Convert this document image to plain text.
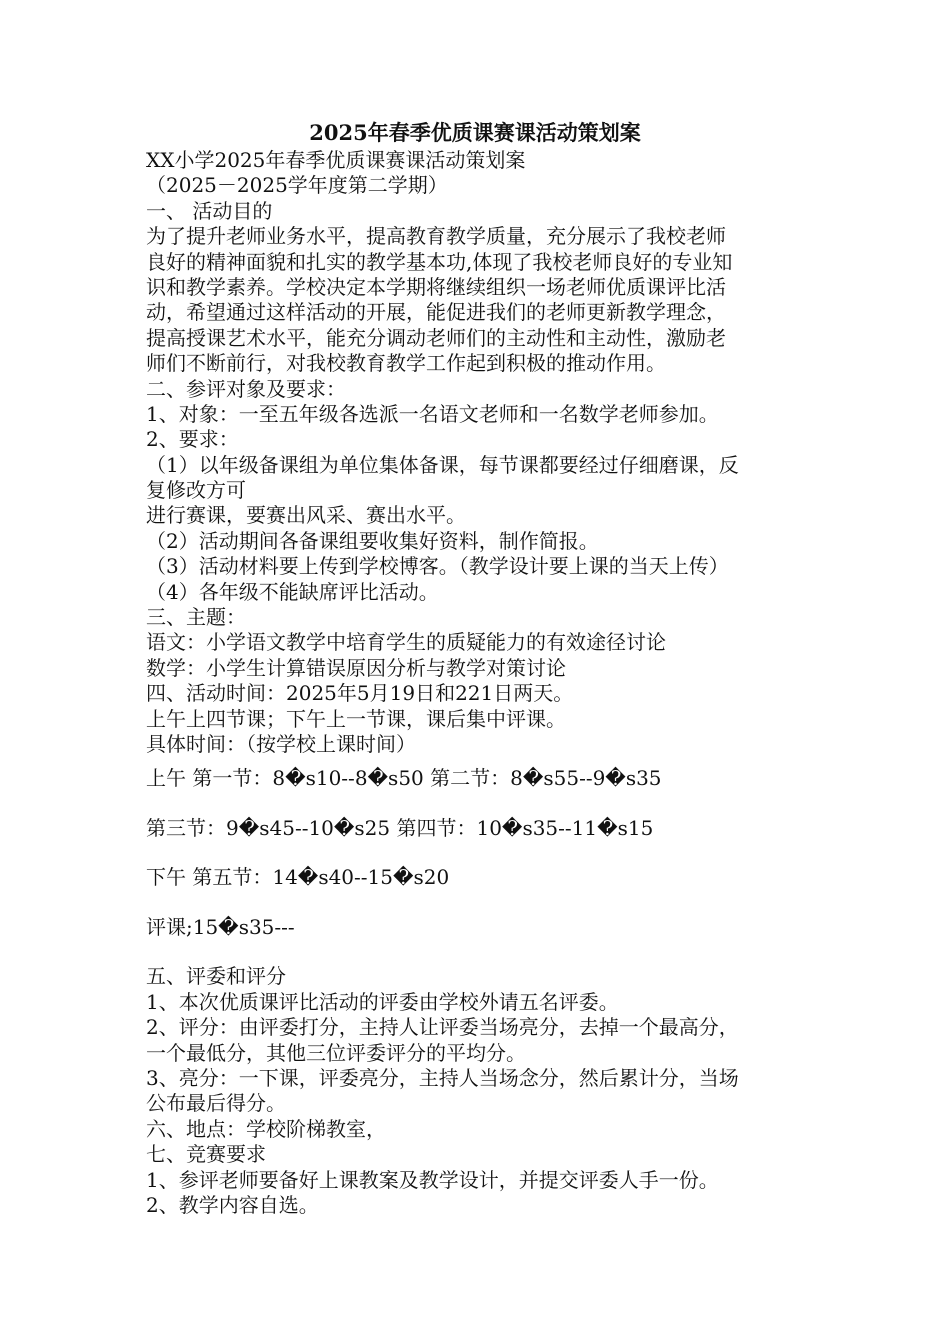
2025年春季优质课赛课活动策划案
XX小学2025年春季优质课赛课活动策划案
（2025－2025学年度第二学期）
一、 活动目的
为了提升老师业务水平，提高教育教学质量，充分展示了我校老师
良好的精神面貌和扎实的教学基本功,体现了我校老师良好的专业知
识和教学素养。学校决定本学期将继续组织一场老师优质课评比活
动，希望通过这样活动的开展，能促进我们的老师更新教学理念，
提高授课艺术水平，能充分调动老师们的主动性和主动性，激励老
师们不断前行，对我校教育教学工作起到积极的推动作用。
二、参评对象及要求：
1、对象：一至五年级各选派一名语文老师和一名数学老师参加。
2、要求：
（1）以年级备课组为单位集体备课，每节课都要经过仔细磨课，反
复修改方可
进行赛课，要赛出风采、赛出水平。
（2）活动期间各备课组要收集好资料，制作简报。
（3）活动材料要上传到学校博客。（教学设计要上课的当天上传）
（4）各年级不能缺席评比活动。
三、主题：
语文：小学语文教学中培育学生的质疑能力的有效途径讨论
数学：小学生计算错误原因分析与教学对策讨论
四、活动时间：2025年5月19日和221日两天。
上午上四节课；下午上一节课，课后集中评课。
具体时间：（按学校上课时间）
上午 第一节：8�s10--8�s50 第二节：8�s55--9�s35
第三节：9�s45--10�s25 第四节：10�s35--11�s15
下午 第五节：14�s40--15�s20
评课;15�s35---
五、评委和评分
1、本次优质课评比活动的评委由学校外请五名评委。
2、评分：由评委打分，主持人让评委当场亮分，去掉一个最高分，
一个最低分，其他三位评委评分的平均分。
3、亮分：一下课，评委亮分，主持人当场念分，然后累计分，当场
公布最后得分。
六、地点：学校阶梯教室，
七、竞赛要求
1、参评老师要备好上课教案及教学设计，并提交评委人手一份。
2、教学内容自选。
